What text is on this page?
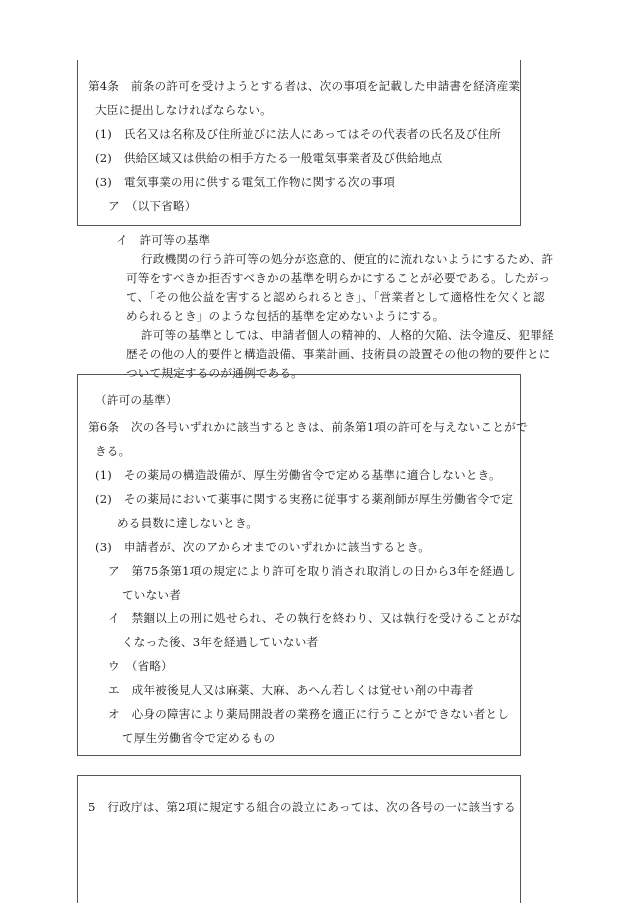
第4条　前条の許可を受けようとする者は、次の事項を記載した申請書を経済産業
大臣に提出しなければならない。
(1)　氏名又は名称及び住所並びに法人にあってはその代表者の氏名及び住所
(2)　供給区域又は供給の相手方たる一般電気事業者及び供給地点
(3)　電気事業の用に供する電気工作物に関する次の事項
ア　（以下省略）
イ　許可等の基準
行政機関の行う許可等の処分が恣意的、便宜的に流れないようにするため、許
可等をすべきか拒否すべきかの基準を明らかにすることが必要である。したがっ
て、「その他公益を害すると認められるとき」、「営業者として適格性を欠くと認
められるとき」のような包括的基準を定めないようにする。
許可等の基準としては、申請者個人の精神的、人格的欠陥、法令違反、犯罪経
歴その他の人的要件と構造設備、事業計画、技術員の設置その他の物的要件とに
ついて規定するのが通例である。
（許可の基準）
第6条　次の各号いずれかに該当するときは、前条第1項の許可を与えないことがで
きる。
(1)　その薬局の構造設備が、厚生労働省令で定める基準に適合しないとき。
(2)　その薬局において薬事に関する実務に従事する薬剤師が厚生労働省令で定
める員数に達しないとき。
(3)　申請者が、次のアからオまでのいずれかに該当するとき。
ア　第75条第1項の規定により許可を取り消され取消しの日から3年を経過し
ていない者
イ　禁錮以上の刑に処せられ、その執行を終わり、又は執行を受けることがな
くなった後、3年を経過していない者
ウ　（省略）
エ　成年被後見人又は麻薬、大麻、あへん若しくは覚せい剤の中毒者
オ　心身の障害により薬局開設者の業務を適正に行うことができない者とし
て厚生労働省令で定めるもの
5　行政庁は、第2項に規定する組合の設立にあっては、次の各号の一に該当する
